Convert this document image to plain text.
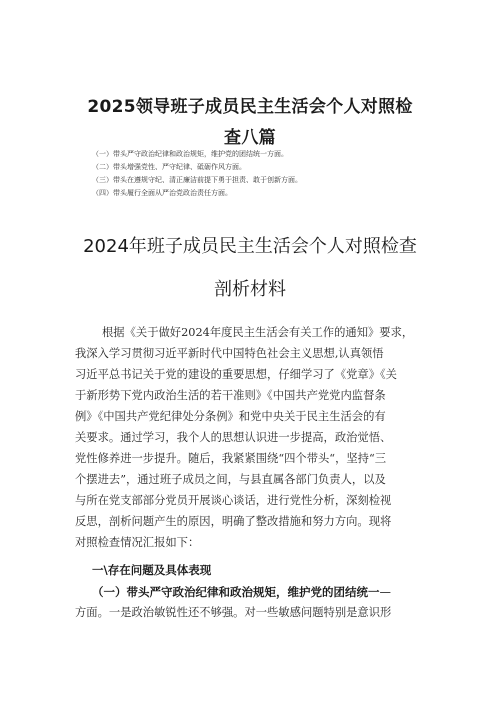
2025领导班子成员民主生活会个人对照检
查八篇
（一）带头严守政治纪律和政治规矩，维护党的团结统一方面。
（二）带头增强党性、严守纪律、砥砺作风方面。
（三）带头在遵规守纪、清正廉洁前提下勇于担责、敢于创新方面。
（四）带头履行全面从严治党政治责任方面。
2024年班子成员民主生活会个人对照检查
剖析材料
根据《关于做好2024年度民主生活会有关工作的通知》要求，
我深入学习贯彻习近平新时代中国特色社会主义思想,认真领悟
习近平总书记关于党的建设的重要思想，仔细学习了《党章》《关
于新形势下党内政治生活的若干准则》《中国共产党党内监督条
例》《中国共产党纪律处分条例》和党中央关于民主生活会的有
关要求。通过学习，我个人的思想认识进一步提高，政治觉悟、
党性修养进一步提升。随后，我紧紧围绕“四个带头“，坚持“三
个摆进去”，通过班子成员之间，与县直属各部门负责人，以及
与所在党支部部分党员开展谈心谈话，进行党性分析，深刻检视
反思，剖析问题产生的原因，明确了整改措施和努力方向。现将
对照检查情况汇报如下：
一\存在问题及具体表现
（一）带头严守政治纪律和政治规矩，维护党的团结统一—
方面。一是政治敏锐性还不够强。对一些敏感问题特别是意识形
